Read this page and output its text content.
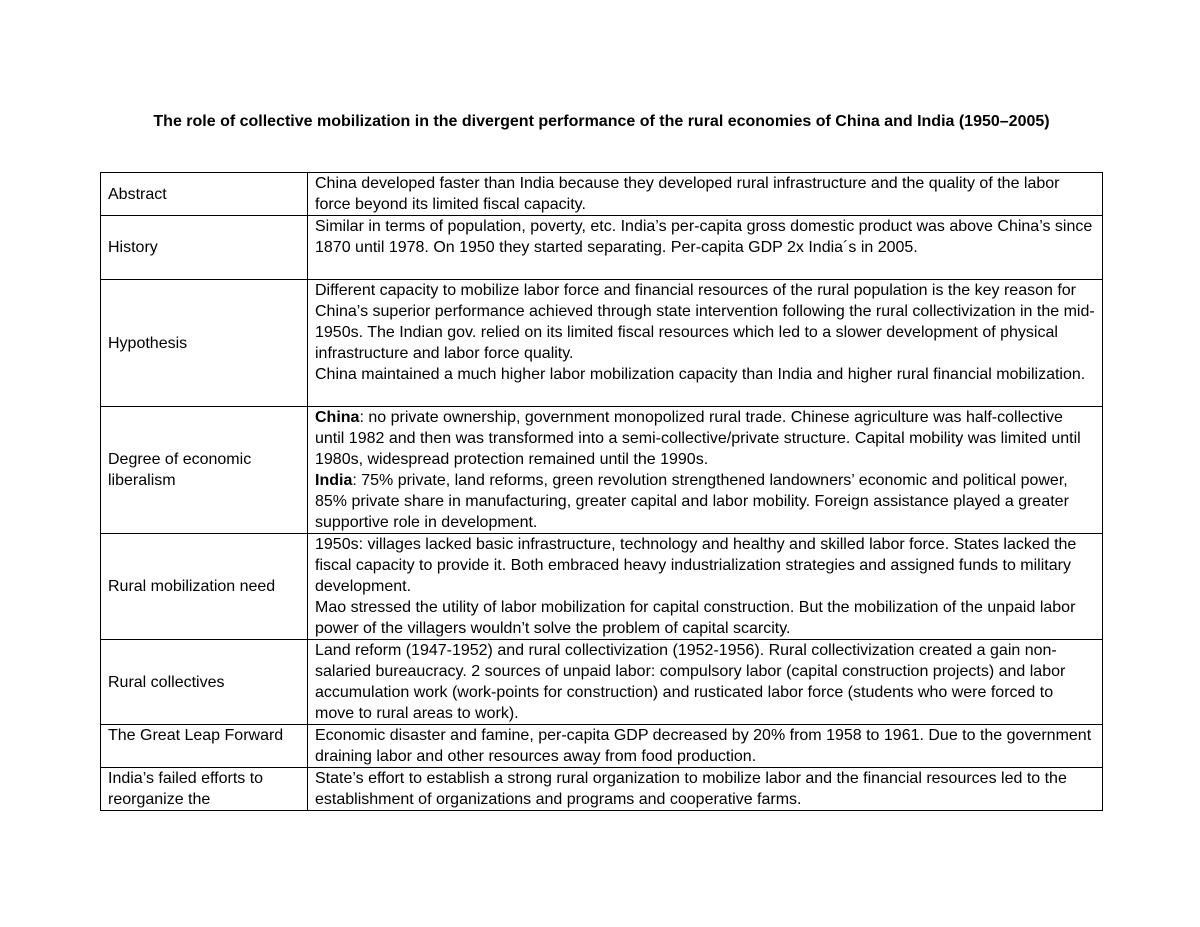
The role of collective mobilization in the divergent performance of the rural economies of China and India (1950–2005)
Abstract	China developed faster than India because they developed rural infrastructure and the quality of the labor force beyond its limited fiscal capacity.
History	Similar in terms of population, poverty, etc. India’s per-capita gross domestic product was above China’s since 1870 until 1978. On 1950 they started separating. Per-capita GDP 2x India´s in 2005.
Hypothesis	Different capacity to mobilize labor force and financial resources of the rural population is the key reason for China’s superior performance achieved through state intervention following the rural collectivization in the mid-1950s. The Indian gov. relied on its limited fiscal resources which led to a slower development of physical infrastructure and labor force quality.
China maintained a much higher labor mobilization capacity than India and higher rural financial mobilization.

Degree of economic liberalism	China: no private ownership, government monopolized rural trade. Chinese agriculture was half-collective until 1982 and then was transformed into a semi-collective/private structure. Capital mobility was limited until 1980s, widespread protection remained until the 1990s.
India: 75% private, land reforms, green revolution strengthened landowners’ economic and political power, 85% private share in manufacturing, greater capital and labor mobility. Foreign assistance played a greater supportive role in development.

Rural mobilization need	1950s: villages lacked basic infrastructure, technology and healthy and skilled labor force. States lacked the fiscal capacity to provide it. Both embraced heavy industrialization strategies and assigned funds to military development.
Mao stressed the utility of labor mobilization for capital construction. But the mobilization of the unpaid labor power of the villagers wouldn’t solve the problem of capital scarcity.

Rural collectives	Land reform (1947-1952) and rural collectivization (1952-1956). Rural collectivization created a gain non-salaried bureaucracy. 2 sources of unpaid labor: compulsory labor (capital construction projects) and labor accumulation work (work-points for construction) and rusticated labor force (students who were forced to move to rural areas to work).
The Great Leap Forward	Economic disaster and famine, per-capita GDP decreased by 20% from 1958 to 1961. Due to the government draining labor and other resources away from food production.
India’s failed efforts to reorganize the	State’s effort to establish a strong rural organization to mobilize labor and the financial resources led to the establishment of organizations and programs and cooperative farms.
